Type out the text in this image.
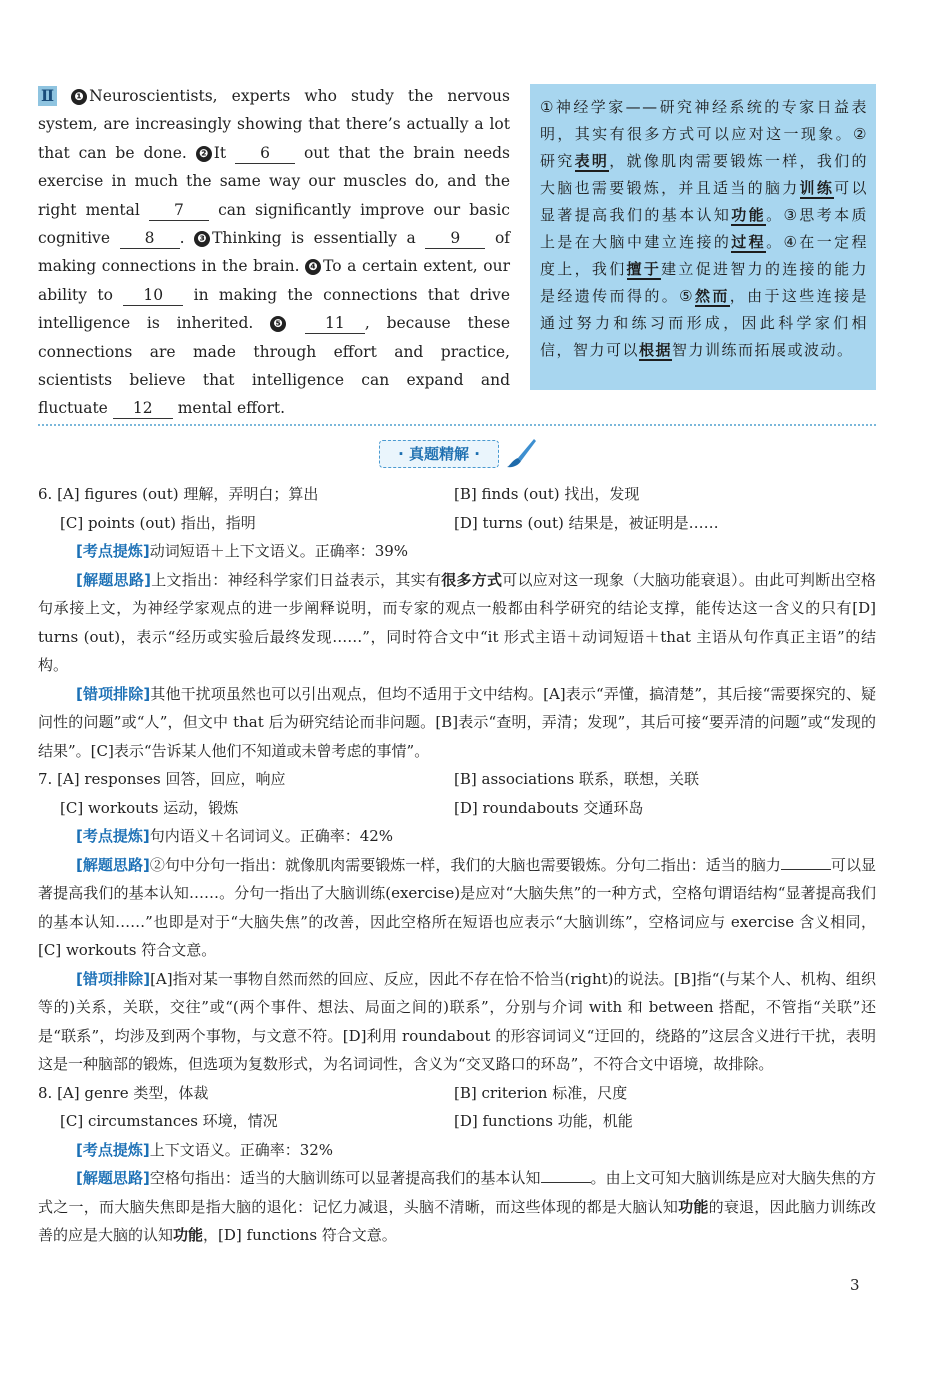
Ⅱ ❶ Neuroscientists, experts who study the nervous system, are increasingly showing that there’s actually a lot that can be done. ❷ It 6 out that the brain needs exercise in much the same way our muscles do, and the right mental 7 can significantly improve our basic cognitive 8 . ❸ Thinking is essentially a 9 of making connections in the brain. ❹ To a certain extent, our ability to 10 in making the connections that drive intelligence is inherited. ❺	11 , because these connections are made through effort and practice, scientists believe that intelligence can expand and fluctuate 12 mental effort.
①神经学家——研究神经系统的专家日益表明，其实有很多方式可以应对这一现象。②研究表明，就像肌肉需要锻炼一样，我们的大脑也需要锻炼，并且适当的脑力训练可以显著提高我们的基本认知功能。③思考本质上是在大脑中建立连接的过程。④在一定程度上，我们擅于建立促进智力的连接的能力是经遗传而得的。⑤然而，由于这些连接是通过努力和练习而形成，因此科学家们相信，智力可以根据智力训练而拓展或波动。
· 真题精解 ·
6. [A] figures (out) 理解，弄明白；算出	[B] finds (out) 找出，发现
[C] points (out) 指出，指明	[D] turns (out) 结果是，被证明是……
[考点提炼]动词短语＋上下文语义。正确率：39%
[解题思路]上文指出：神经科学家们日益表示，其实有很多方式可以应对这一现象（大脑功能衰退）。由此可判断出空格句承接上文，为神经学家观点的进一步阐释说明，而专家的观点一般都由科学研究的结论支撑，能传达这一含义的只有[D] turns (out)，表示“经历或实验后最终发现……”，同时符合文中“it 形式主语＋动词短语＋that 主语从句作真正主语”的结构。
[错项排除]其他干扰项虽然也可以引出观点，但均不适用于文中结构。[A]表示“弄懂，搞清楚”，其后接“需要探究的、疑问性的问题”或“人”，但文中 that 后为研究结论而非问题。[B]表示“查明，弄清；发现”，其后可接“要弄清的问题”或“发现的结果”。[C]表示“告诉某人他们不知道或未曾考虑的事情”。
7. [A] responses 回答，回应，响应	[B] associations 联系，联想，关联
[C] workouts 运动，锻炼	[D] roundabouts 交通环岛
[考点提炼]句内语义＋名词词义。正确率：42%
[解题思路]②句中分句一指出：就像肌肉需要锻炼一样，我们的大脑也需要锻炼。分句二指出：适当的脑力	可以显著提高我们的基本认知……。分句一指出了大脑训练(exercise)是应对“大脑失焦”的一种方式，空格句谓语结构“显著提高我们的基本认知……”也即是对于“大脑失焦”的改善，因此空格所在短语也应表示“大脑训练”，空格词应与 exercise 含义相同，[C] workouts 符合文意。
[错项排除][A]指对某一事物自然而然的回应、反应，因此不存在恰不恰当(right)的说法。[B]指“(与某个人、机构、组织等的)关系，关联，交往”或“(两个事件、想法、局面之间的)联系”，分别与介词 with 和 between 搭配，不管指“关联”还是“联系”，均涉及到两个事物，与文意不符。[D]利用 roundabout 的形容词词义“迂回的，绕路的”这层含义进行干扰，表明这是一种脑部的锻炼，但选项为复数形式，为名词词性，含义为“交叉路口的环岛”，不符合文中语境，故排除。
8. [A] genre 类型，体裁	[B] criterion 标准，尺度
[C] circumstances 环境，情况	[D] functions 功能，机能
[考点提炼]上下文语义。正确率：32%
[解题思路]空格句指出：适当的大脑训练可以显著提高我们的基本认知	。由上文可知大脑训练是应对大脑失焦的方式之一，而大脑失焦即是指大脑的退化：记忆力减退，头脑不清晰，而这些体现的都是大脑认知功能的衰退，因此脑力训练改善的应是大脑的认知功能，[D] functions 符合文意。
3
